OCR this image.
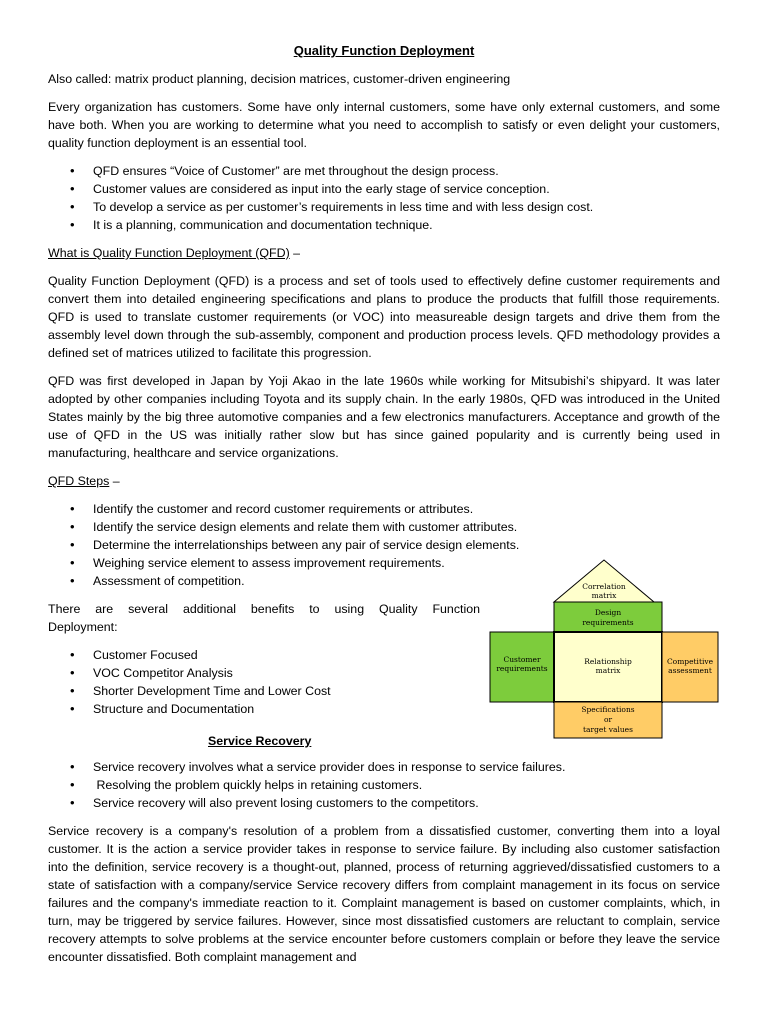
Quality Function Deployment

Also called: matrix product planning, decision matrices, customer-driven engineering

Every organization has customers. Some have only internal customers, some have only external customers, and some have both. When you are working to determine what you need to accomplish to satisfy or even delight your customers, quality function deployment is an essential tool.

• QFD ensures “Voice of Customer” are met throughout the design process.
• Customer values are considered as input into the early stage of service conception.
• To develop a service as per customer’s requirements in less time and with less design cost.
• It is a planning, communication and documentation technique.

What is Quality Function Deployment (QFD) –

Quality Function Deployment (QFD) is a process and set of tools used to effectively define customer requirements and convert them into detailed engineering specifications and plans to produce the products that fulfill those requirements. QFD is used to translate customer requirements (or VOC) into measureable design targets and drive them from the assembly level down through the sub-assembly, component and production process levels. QFD methodology provides a defined set of matrices utilized to facilitate this progression.

QFD was first developed in Japan by Yoji Akao in the late 1960s while working for Mitsubishi’s shipyard. It was later adopted by other companies including Toyota and its supply chain. In the early 1980s, QFD was introduced in the United States mainly by the big three automotive companies and a few electronics manufacturers. Acceptance and growth of the use of QFD in the US was initially rather slow but has since gained popularity and is currently being used in manufacturing, healthcare and service organizations.

QFD Steps –

• Identify the customer and record customer requirements or attributes.
• Identify the service design elements and relate them with customer attributes.
• Determine the interrelationships between any pair of service design elements.
• Weighing service element to assess improvement requirements.
• Assessment of competition.

There are several additional benefits to using Quality Function Deployment:

• Customer Focused
• VOC Competitor Analysis
• Shorter Development Time and Lower Cost
• Structure and Documentation
Service Recovery
• Service recovery involves what a service provider does in response to service failures.
•  Resolving the problem quickly helps in retaining customers.
• Service recovery will also prevent losing customers to the competitors.

Service recovery is a company's resolution of a problem from a dissatisfied customer, converting them into a loyal customer. It is the action a service provider takes in response to service failure. By including also customer satisfaction into the definition, service recovery is a thought-out, planned, process of returning aggrieved/dissatisfied customers to a state of satisfaction with a company/service Service recovery differs from complaint management in its focus on service failures and the company's immediate reaction to it. Complaint management is based on customer complaints, which, in turn, may be triggered by service failures. However, since most dissatisfied customers are reluctant to complain, service recovery attempts to solve problems at the service encounter before customers complain or before they leave the service encounter dissatisfied. Both complaint management and

Correlation
matrix
Design
requirements
Customer
requirements
Relationship
matrix
Competitive
assessment
Specifications
or
target values
